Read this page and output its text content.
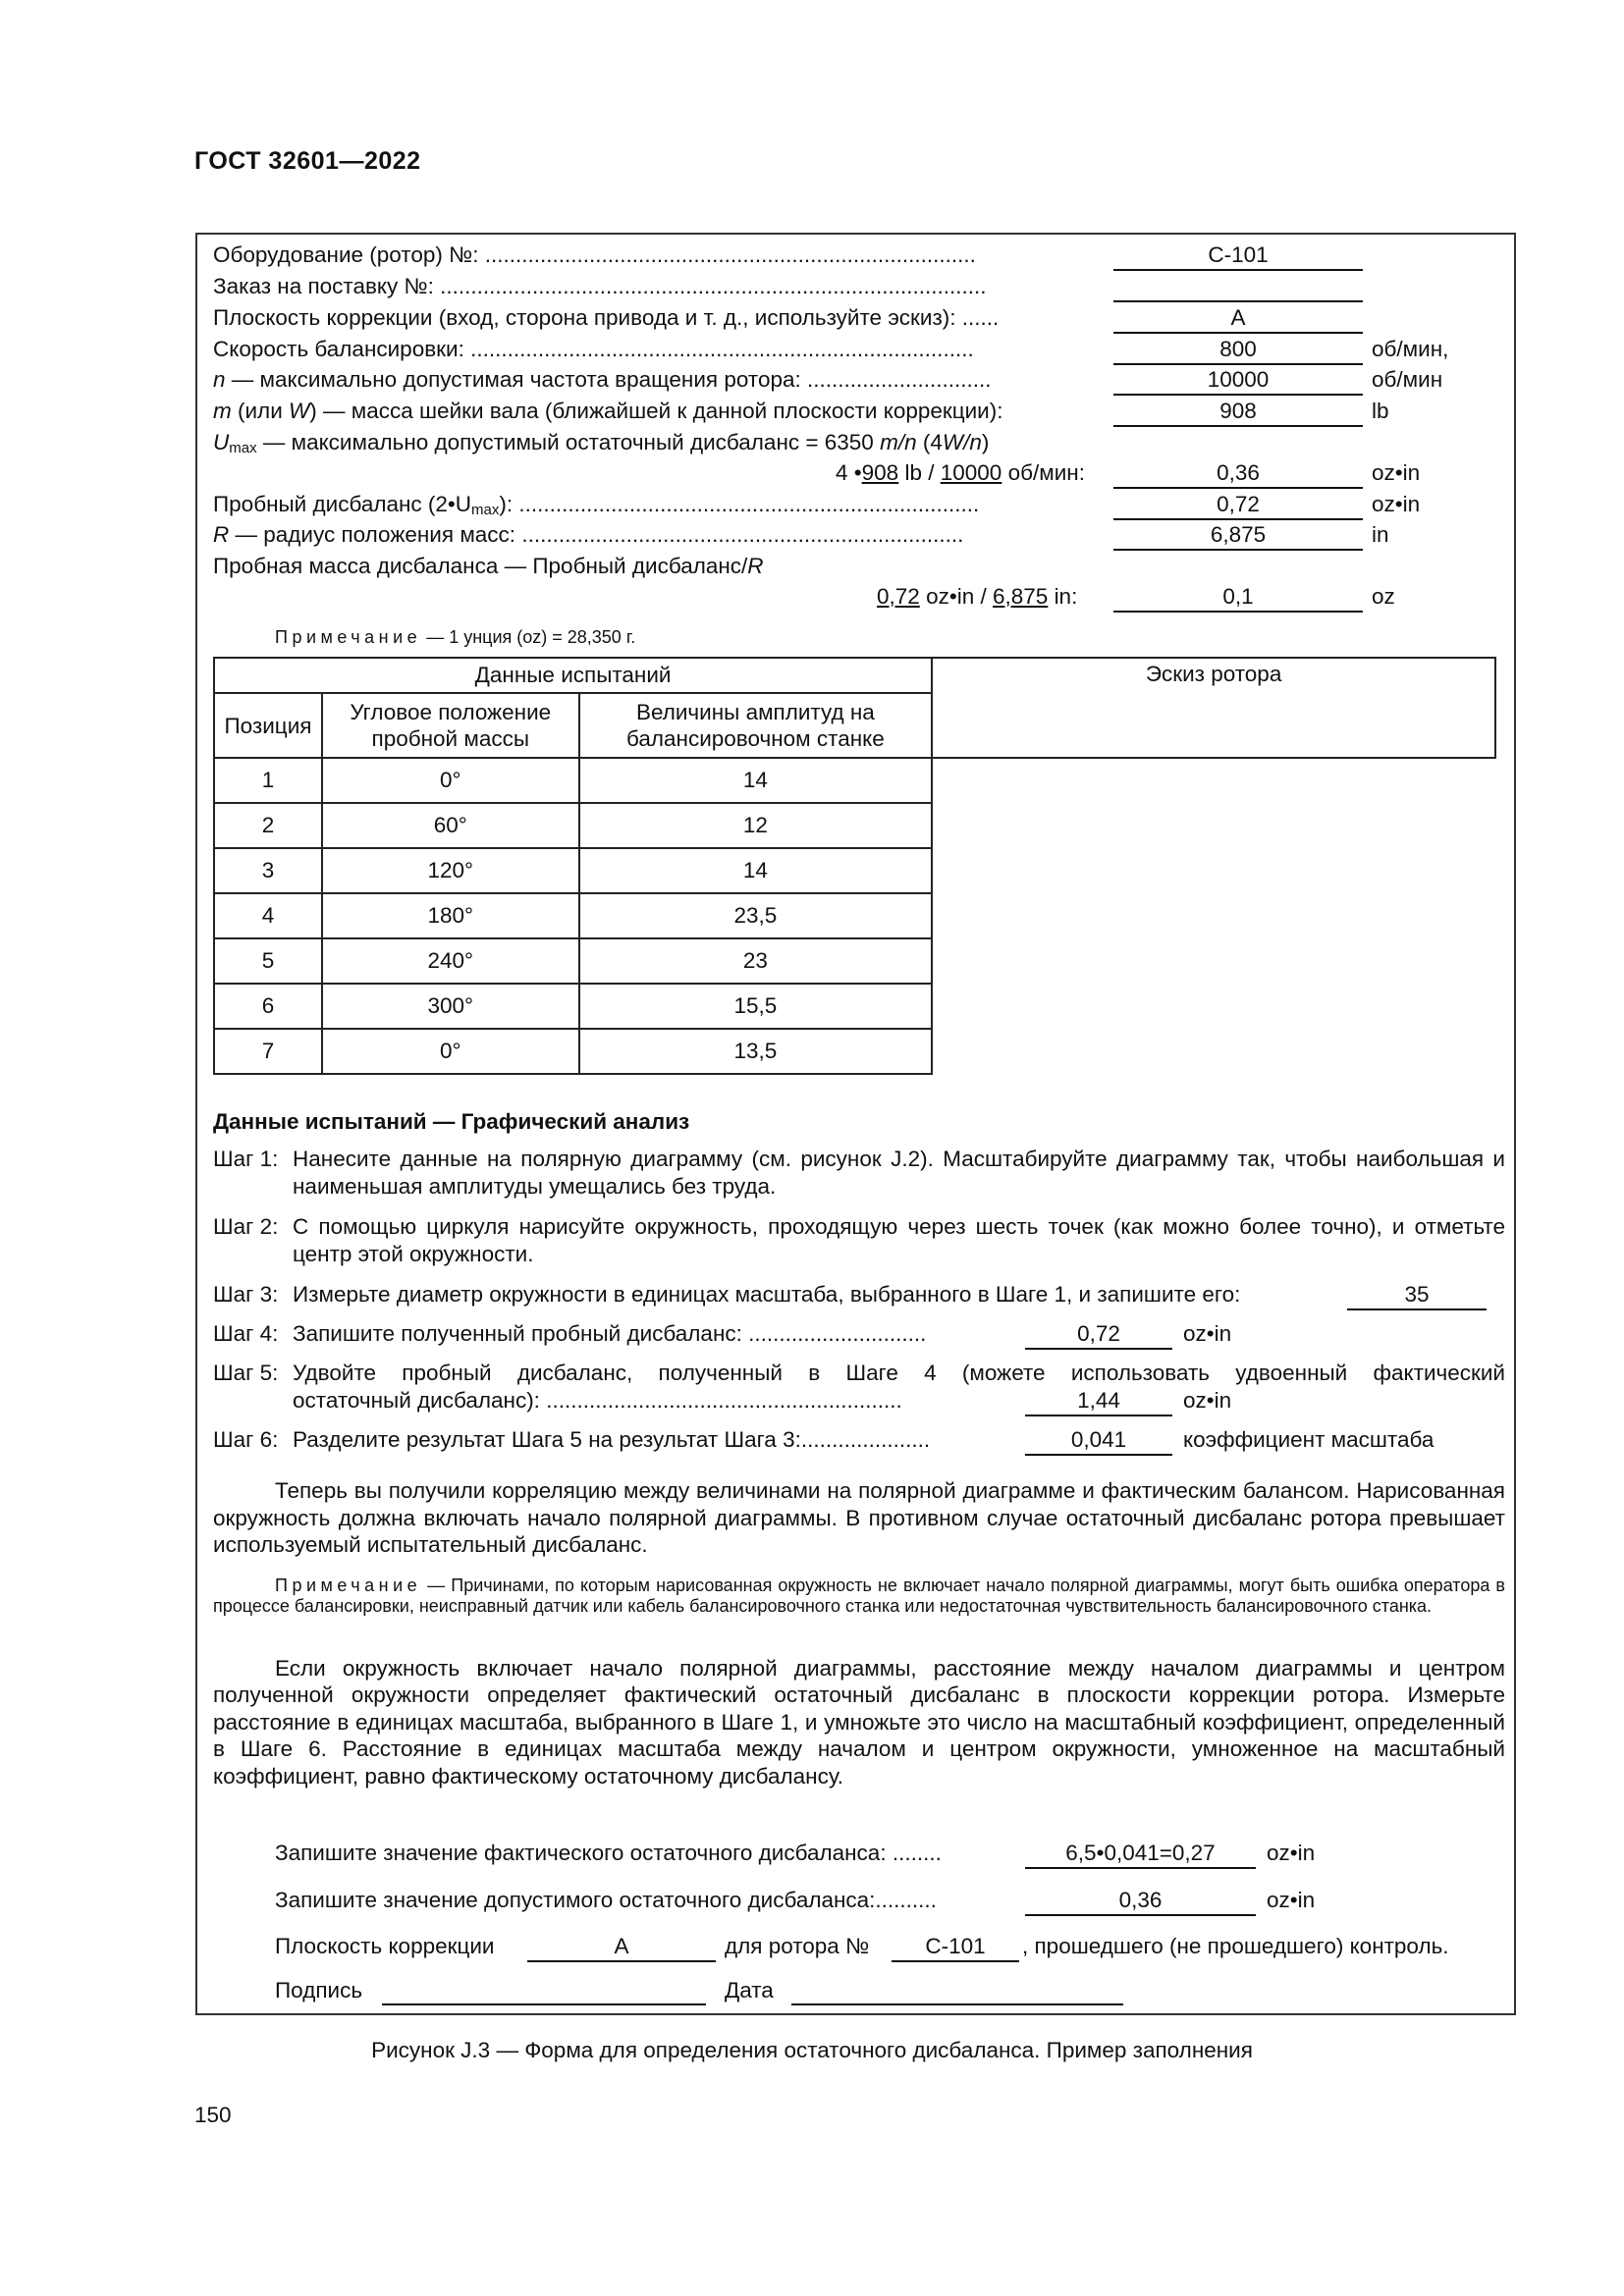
ГОСТ 32601—2022
Оборудование (ротор) №: ................................................................................	С-101
Заказ на поставку №: .........................................................................................
Плоскость коррекции (вход, сторона привода и т. д., используйте эскиз): ......	А
Скорость балансировки: ..................................................................................	800	об/мин,
n — максимально допустимая частота вращения ротора: ..............................	10000	об/мин
m (или W) — масса шейки вала (ближайшей к данной плоскости коррекции):	908	lb
$U_{max}$ — максимально допустимый остаточный дисбаланс = 6350 m/n (4W/n)
4 •908 lb / 10000 об/мин:	0,36	oz•in
Пробный дисбаланс $(2•U_{max})$: ...........................................................................	0,72	oz•in
R — радиус положения масс: ........................................................................	6,875	in
Пробная масса дисбаланса — Пробный дисбаланс/R
0,72 oz•in / 6,875 in:	0,1	oz
Примечание — 1 унция (oz) = 28,350 г.
Данные испытаний			Эскиз ротора
Позиция	Угловое положение пробной массы	Величины амплитуд на балансировочном станке	
1	0°	14	
2	60°	12	
3	120°	14	
4	180°	23,5	
5	240°	23	
6	300°	15,5	
7	0°	13,5	
Данные испытаний — Графический анализ
Шаг 1: Нанесите данные на полярную диаграмму (см. рисунок J.2). Масштабируйте диаграмму так, чтобы наибольшая и наименьшая амплитуды умещались без труда.
Шаг 2: С помощью циркуля нарисуйте окружность, проходящую через шесть точек (как можно более точно), и отметьте центр этой окружности.
Шаг 3: Измерьте диаметр окружности в единицах масштаба, выбранного в Шаге 1, и запишите его:	35
Шаг 4: Запишите полученный пробный дисбаланс: .............................	0,72	oz•in
Шаг 5: Удвойте пробный дисбаланс, полученный в Шаге 4 (можете использовать удвоенный фактический
остаточный дисбаланс): ..........................................................	1,44	oz•in
Шаг 6: Разделите результат Шага 5 на результат Шага 3:.....................	0,041	коэффициент масштаба
Теперь вы получили корреляцию между величинами на полярной диаграмме и фактическим балансом. Нарисованная окружность должна включать начало полярной диаграммы. В противном случае остаточный дисбаланс ротора превышает используемый испытательный дисбаланс.
Примечание — Причинами, по которым нарисованная окружность не включает начало полярной диаграммы, могут быть ошибка оператора в процессе балансировки, неисправный датчик или кабель балансировочного станка или недостаточная чувствительность балансировочного станка.
Если окружность включает начало полярной диаграммы, расстояние между началом диаграммы и центром полученной окружности определяет фактический остаточный дисбаланс в плоскости коррекции ротора. Измерьте расстояние в единицах масштаба, выбранного в Шаге 1, и умножьте это число на масштабный коэффициент, определенный в Шаге 6. Расстояние в единицах масштаба между началом и центром окружности, умноженное на масштабный коэффициент, равно фактическому остаточному дисбалансу.
Запишите значение фактического остаточного дисбаланса: ........	6,5•0,041=0,27	oz•in
Запишите значение допустимого остаточного дисбаланса:..........	0,36	oz•in
Плоскость коррекции	А	для ротора №	С-101	, прошедшего (не прошедшего) контроль.
Подпись	Дата
Рисунок J.3 — Форма для определения остаточного дисбаланса. Пример заполнения
150
